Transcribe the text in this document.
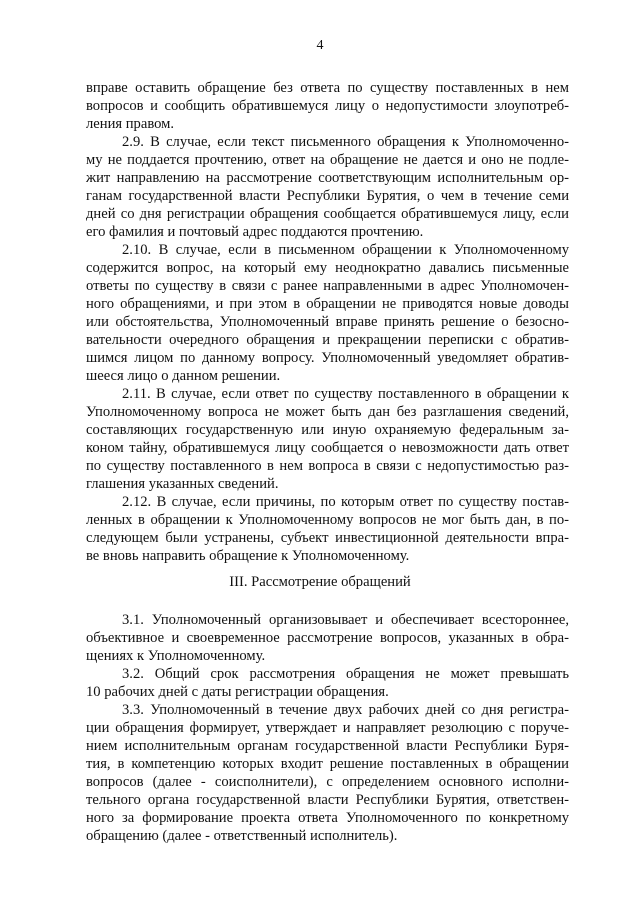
4
вправе оставить обращение без ответа по существу поставленных в нем
вопросов и сообщить обратившемуся лицу о недопустимости злоупотреб-
ления правом.
2.9. В случае, если текст письменного обращения к Уполномоченно-
му не поддается прочтению, ответ на обращение не дается и оно не подле-
жит направлению на рассмотрение соответствующим исполнительным ор-
ганам государственной власти Республики Бурятия, о чем в течение семи
дней со дня регистрации обращения сообщается обратившемуся лицу, если
его фамилия и почтовый адрес поддаются прочтению.
2.10. В случае, если в письменном обращении к Уполномоченному
содержится вопрос, на который ему неоднократно давались письменные
ответы по существу в связи с ранее направленными в адрес Уполномочен-
ного обращениями, и при этом в обращении не приводятся новые доводы
или обстоятельства, Уполномоченный вправе принять решение о безосно-
вательности очередного обращения и прекращении переписки с обратив-
шимся лицом по данному вопросу. Уполномоченный уведомляет обратив-
шееся лицо о данном решении.
2.11. В случае, если ответ по существу поставленного в обращении к
Уполномоченному вопроса не может быть дан без разглашения сведений,
составляющих государственную или иную охраняемую федеральным за-
коном тайну, обратившемуся лицу сообщается о невозможности дать ответ
по существу поставленного в нем вопроса в связи с недопустимостью раз-
глашения указанных сведений.
2.12. В случае, если причины, по которым ответ по существу постав-
ленных в обращении к Уполномоченному вопросов не мог быть дан, в по-
следующем были устранены, субъект инвестиционной деятельности впра-
ве вновь направить обращение к Уполномоченному.
III. Рассмотрение обращений
3.1. Уполномоченный организовывает и обеспечивает всестороннее,
объективное и своевременное рассмотрение вопросов, указанных в обра-
щениях к Уполномоченному.
3.2. Общий срок рассмотрения обращения не может превышать
10 рабочих дней с даты регистрации обращения.
3.3. Уполномоченный в течение двух рабочих дней со дня регистра-
ции обращения формирует, утверждает и направляет резолюцию с поруче-
нием исполнительным органам государственной власти Республики Буря-
тия, в компетенцию которых входит решение поставленных в обращении
вопросов (далее - соисполнители), с определением основного исполни-
тельного органа государственной власти Республики Бурятия, ответствен-
ного за формирование проекта ответа Уполномоченного по конкретному
обращению (далее - ответственный исполнитель).
